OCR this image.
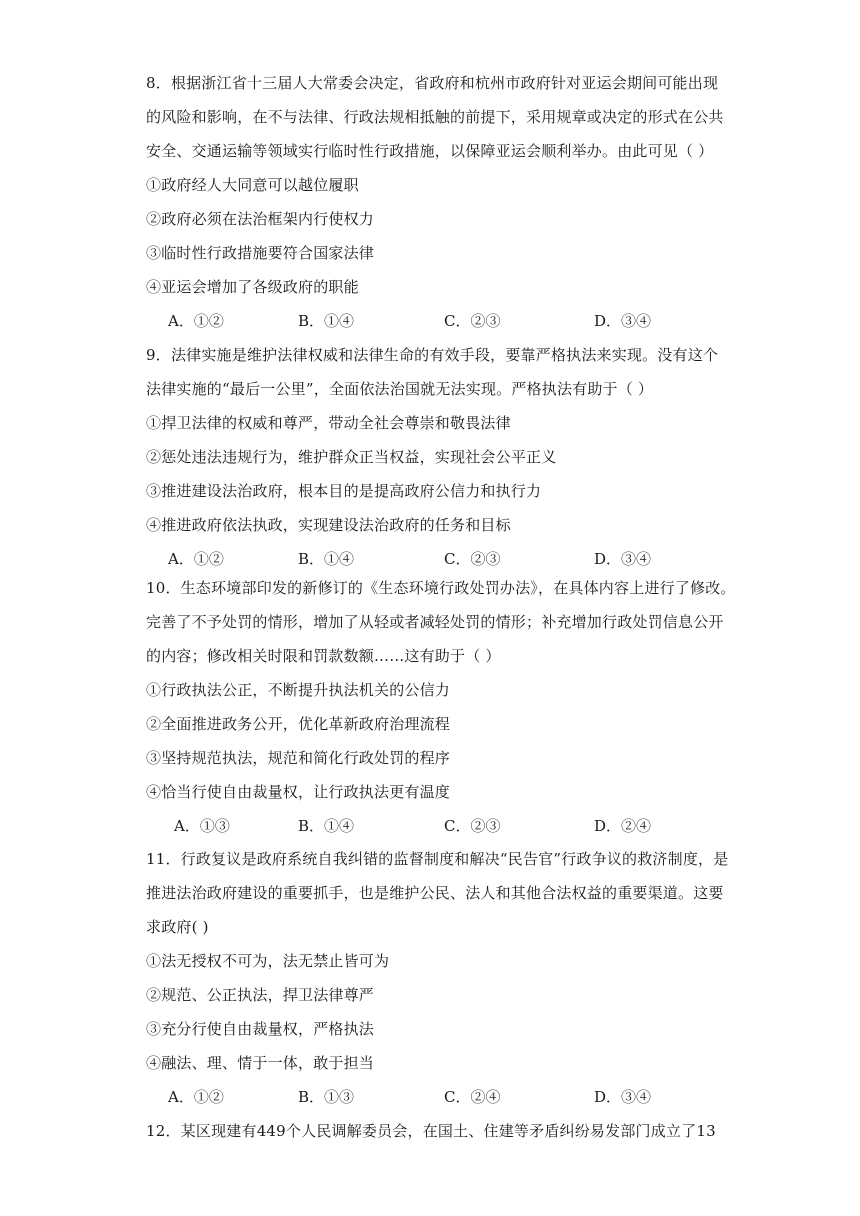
8．根据浙江省十三届人大常委会决定，省政府和杭州市政府针对亚运会期间可能出现
的风险和影响，在不与法律、行政法规相抵触的前提下，采用规章或决定的形式在公共
安全、交通运输等领域实行临时性行政措施，以保障亚运会顺利举办。由此可见（ ）
①政府经人大同意可以越位履职
②政府必须在法治框架内行使权力
③临时性行政措施要符合国家法律
④亚运会增加了各级政府的职能
A．①②	B．①④	C．②③	D．③④
9．法律实施是维护法律权威和法律生命的有效手段，要靠严格执法来实现。没有这个
法律实施的“最后一公里”，全面依法治国就无法实现。严格执法有助于（ ）
①捍卫法律的权威和尊严，带动全社会尊崇和敬畏法律
②惩处违法违规行为，维护群众正当权益，实现社会公平正义
③推进建设法治政府，根本目的是提高政府公信力和执行力
④推进政府依法执政，实现建设法治政府的任务和目标
A．①②	B．①④	C．②③	D．③④
10．生态环境部印发的新修订的《生态环境行政处罚办法》，在具体内容上进行了修改。
完善了不予处罚的情形，增加了从轻或者减轻处罚的情形；补充增加行政处罚信息公开
的内容；修改相关时限和罚款数额……这有助于（ ）
①行政执法公正，不断提升执法机关的公信力
②全面推进政务公开，优化革新政府治理流程
③坚持规范执法，规范和简化行政处罚的程序
④恰当行使自由裁量权，让行政执法更有温度
A．①③	B．①④	C．②③	D．②④
11．行政复议是政府系统自我纠错的监督制度和解决“民告官”行政争议的救济制度，是
推进法治政府建设的重要抓手，也是维护公民、法人和其他合法权益的重要渠道。这要
求政府( )
①法无授权不可为，法无禁止皆可为
②规范、公正执法，捍卫法律尊严
③充分行使自由裁量权，严格执法
④融法、理、情于一体，敢于担当
A．①②	B．①③	C．②④	D．③④
12．某区现建有449个人民调解委员会，在国土、住建等矛盾纠纷易发部门成立了13
